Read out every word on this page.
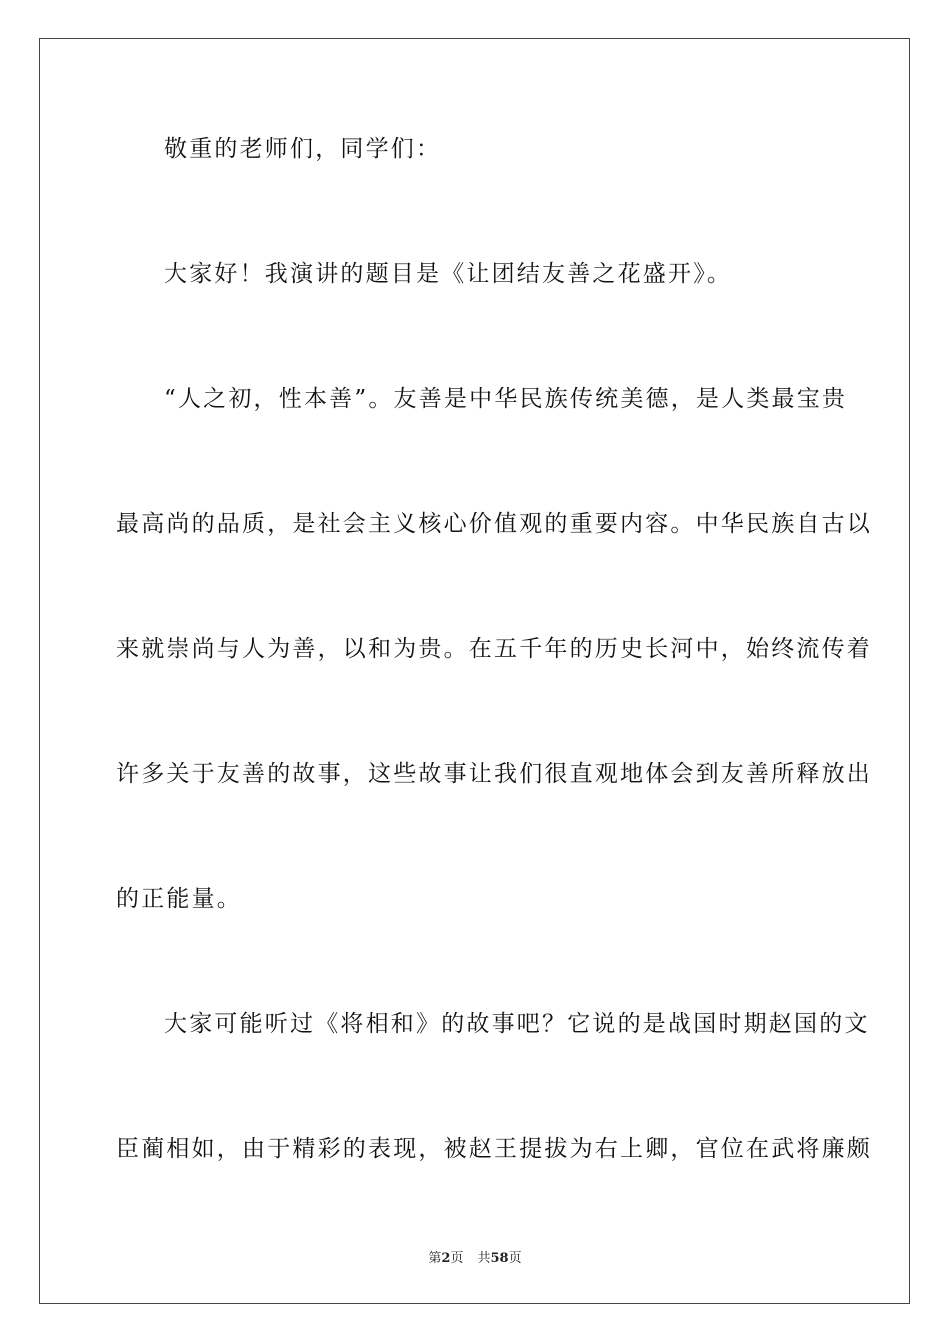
敬重的老师们，同学们：
大家好！我演讲的题目是《让团结友善之花盛开》。
“人之初，性本善”。友善是中华民族传统美德，是人类最宝贵
最高尚的品质，是社会主义核心价值观的重要内容。中华民族自古以
来就崇尚与人为善，以和为贵。在五千年的历史长河中，始终流传着
许多关于友善的故事，这些故事让我们很直观地体会到友善所释放出
的正能量。
大家可能听过《将相和》的故事吧？它说的是战国时期赵国的文
臣蔺相如，由于精彩的表现，被赵王提拔为右上卿，官位在武将廉颇
第2页 共58页
